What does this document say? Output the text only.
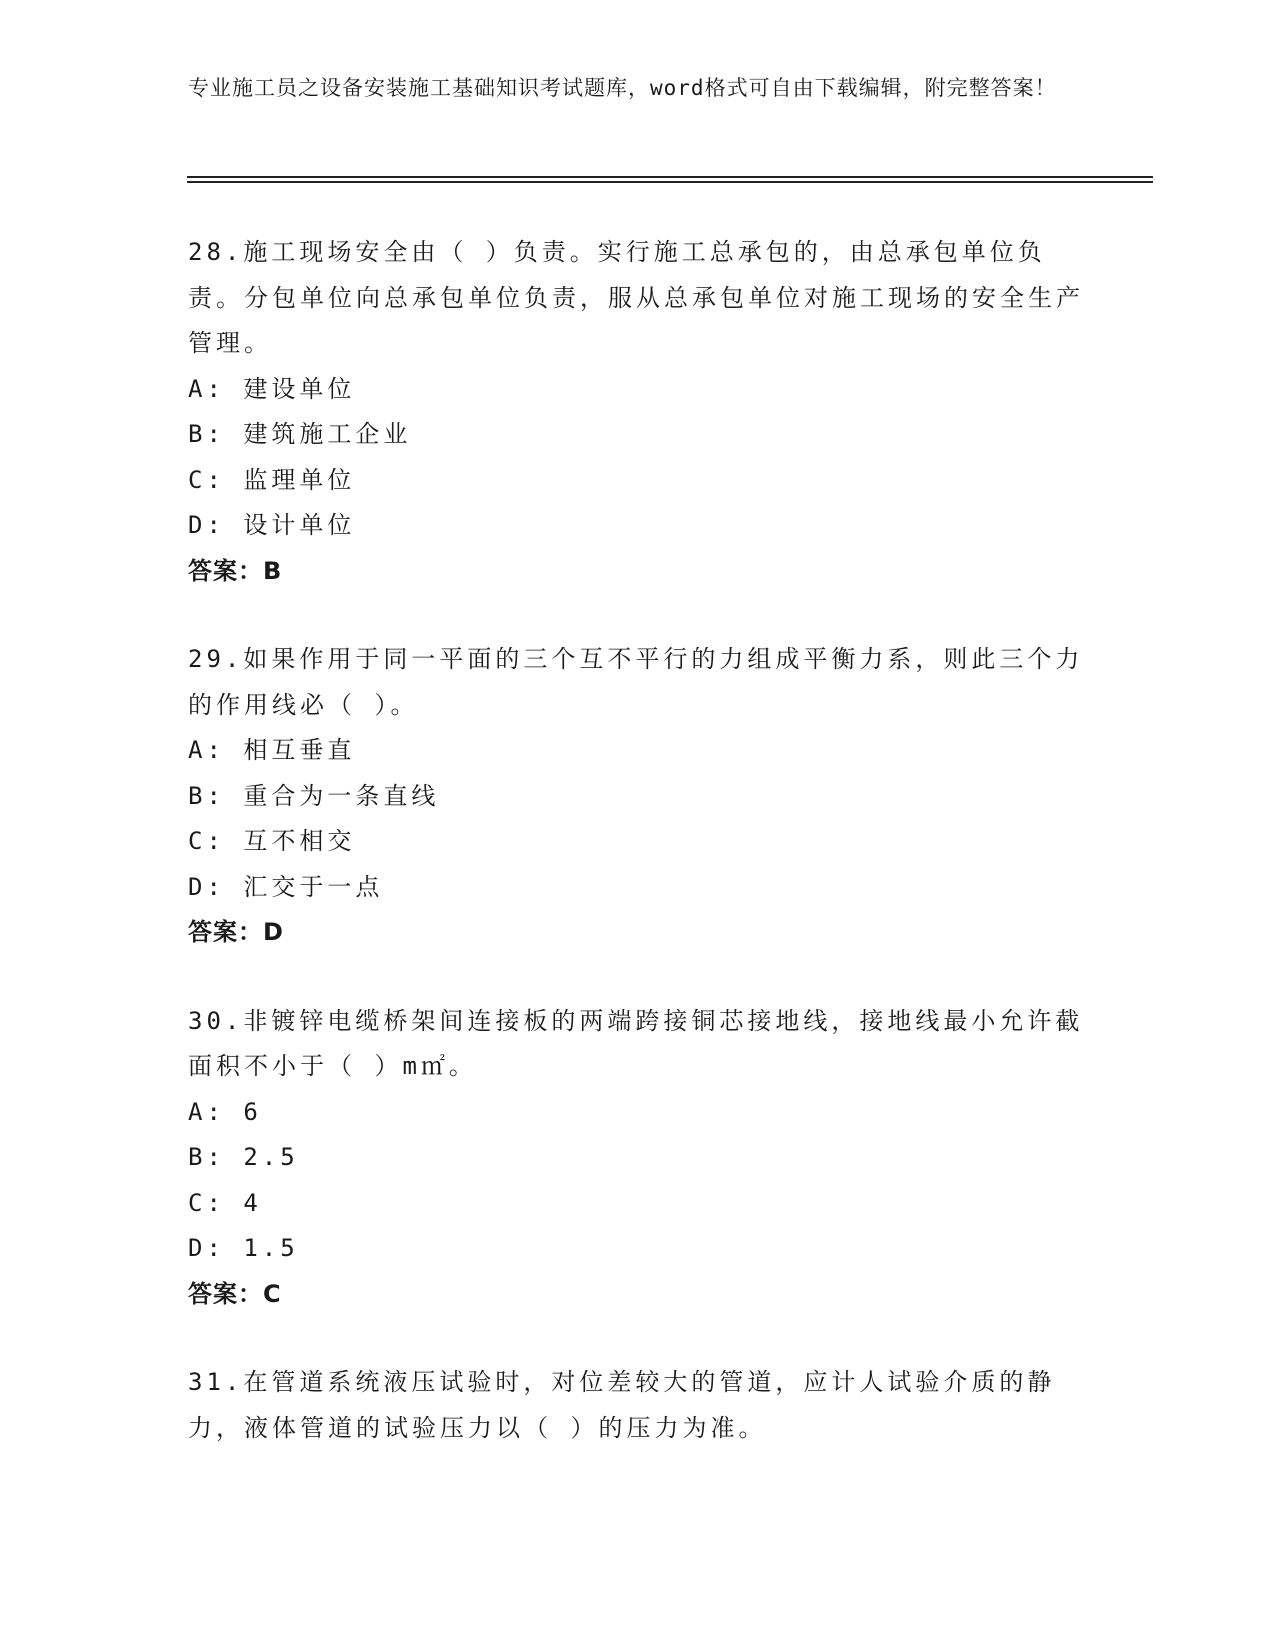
专业施工员之设备安装施工基础知识考试题库，word格式可自由下载编辑，附完整答案！
28.施工现场安全由（ ）负责。实行施工总承包的，由总承包单位负责。分包单位向总承包单位负责，服从总承包单位对施工现场的安全生产管理。
A: 建设单位
B: 建筑施工企业
C: 监理单位
D: 设计单位
答案：B
29.如果作用于同一平面的三个互不平行的力组成平衡力系，则此三个力的作用线必（ ）。
A: 相互垂直
B: 重合为一条直线
C: 互不相交
D: 汇交于一点
答案：D
30.非镀锌电缆桥架间连接板的两端跨接铜芯接地线，接地线最小允许截面积不小于（ ）m㎡。
A: 6
B: 2.5
C: 4
D: 1.5
答案：C
31.在管道系统液压试验时，对位差较大的管道，应计人试验介质的静力，液体管道的试验压力以（ ）的压力为准。
